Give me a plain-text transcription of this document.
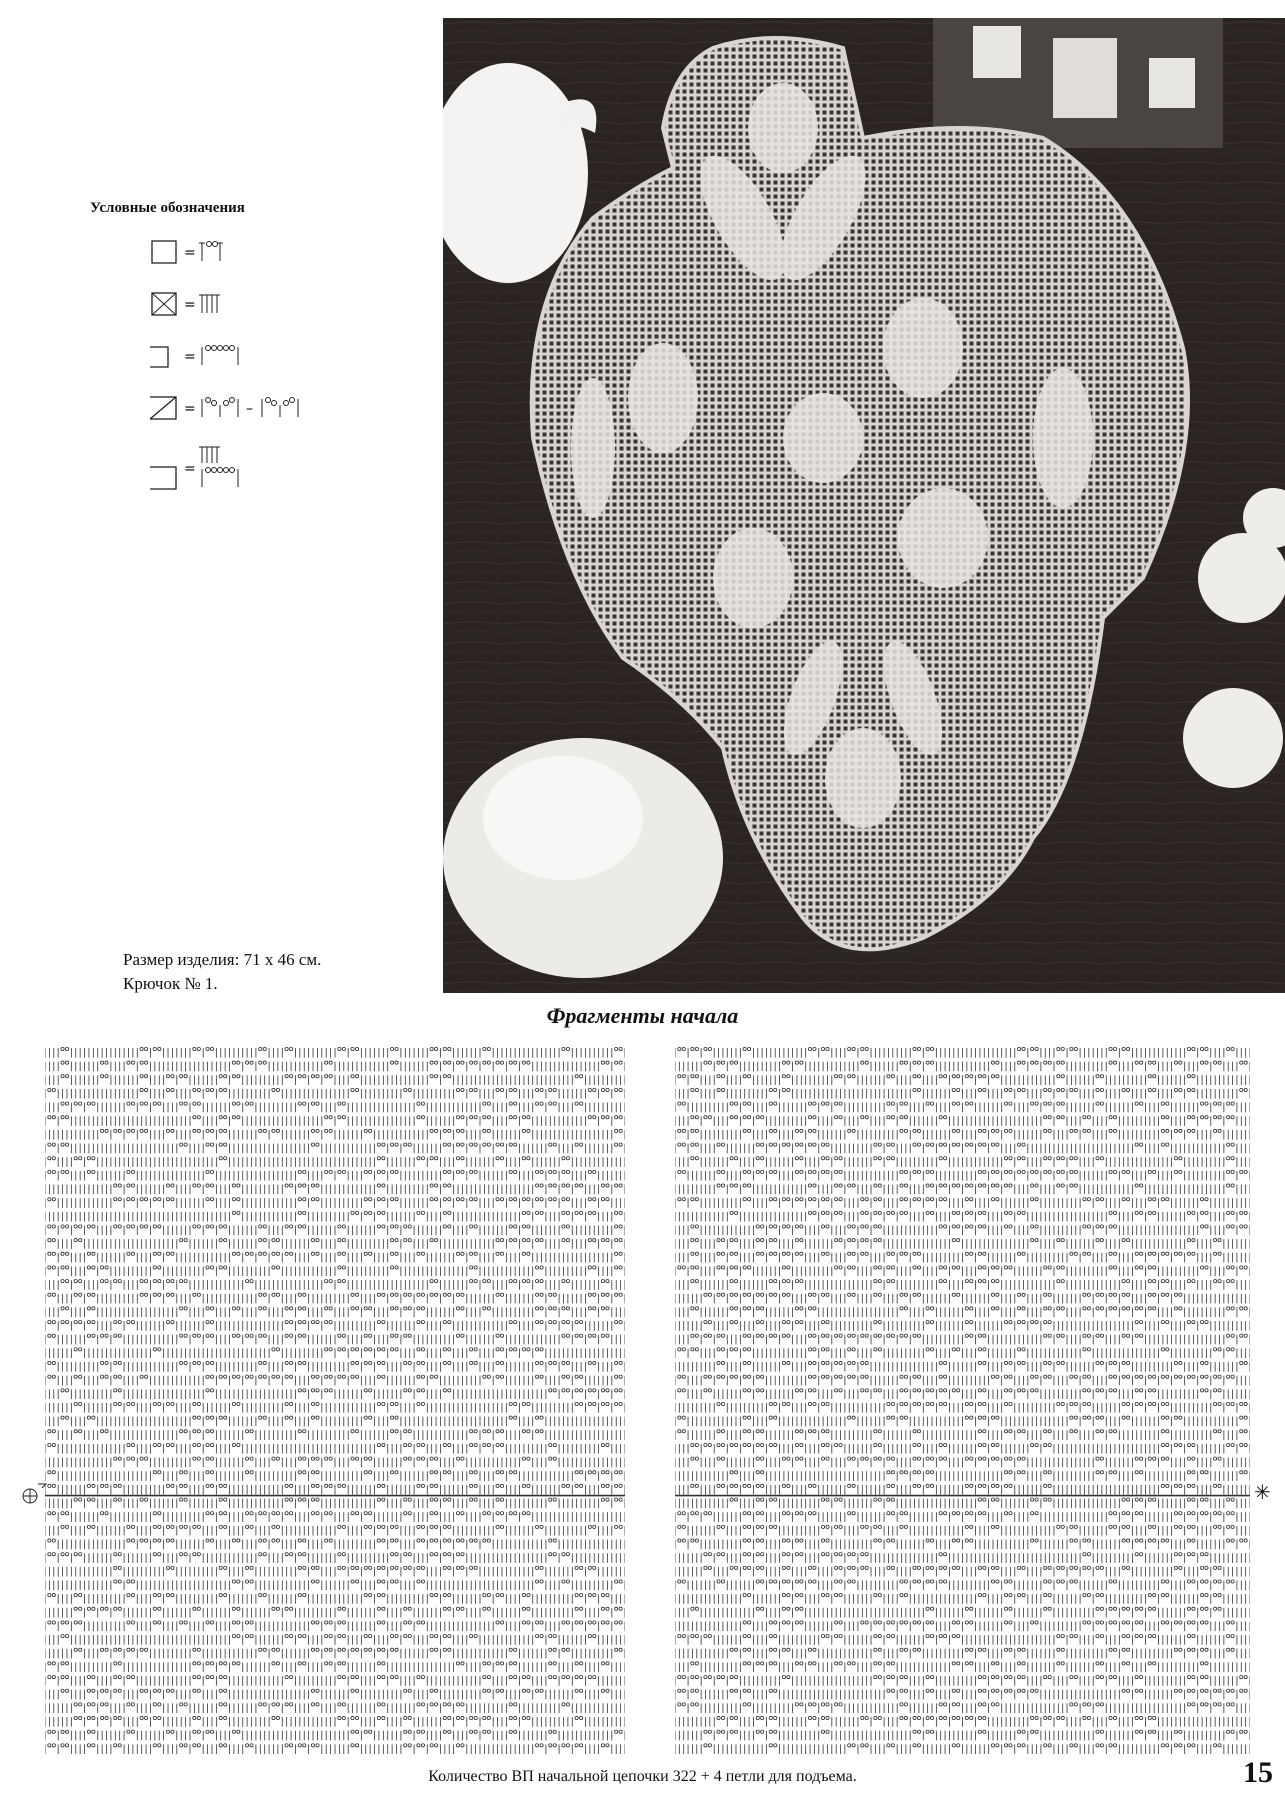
Условные обозначения
=
=
=
=	–
=
Размер изделия: 71 х 46 см.
Крючок № 1.
Фрагменты начала
✳
Количество ВП начальной цепочки 322 + 4 петли для подъема.	15
